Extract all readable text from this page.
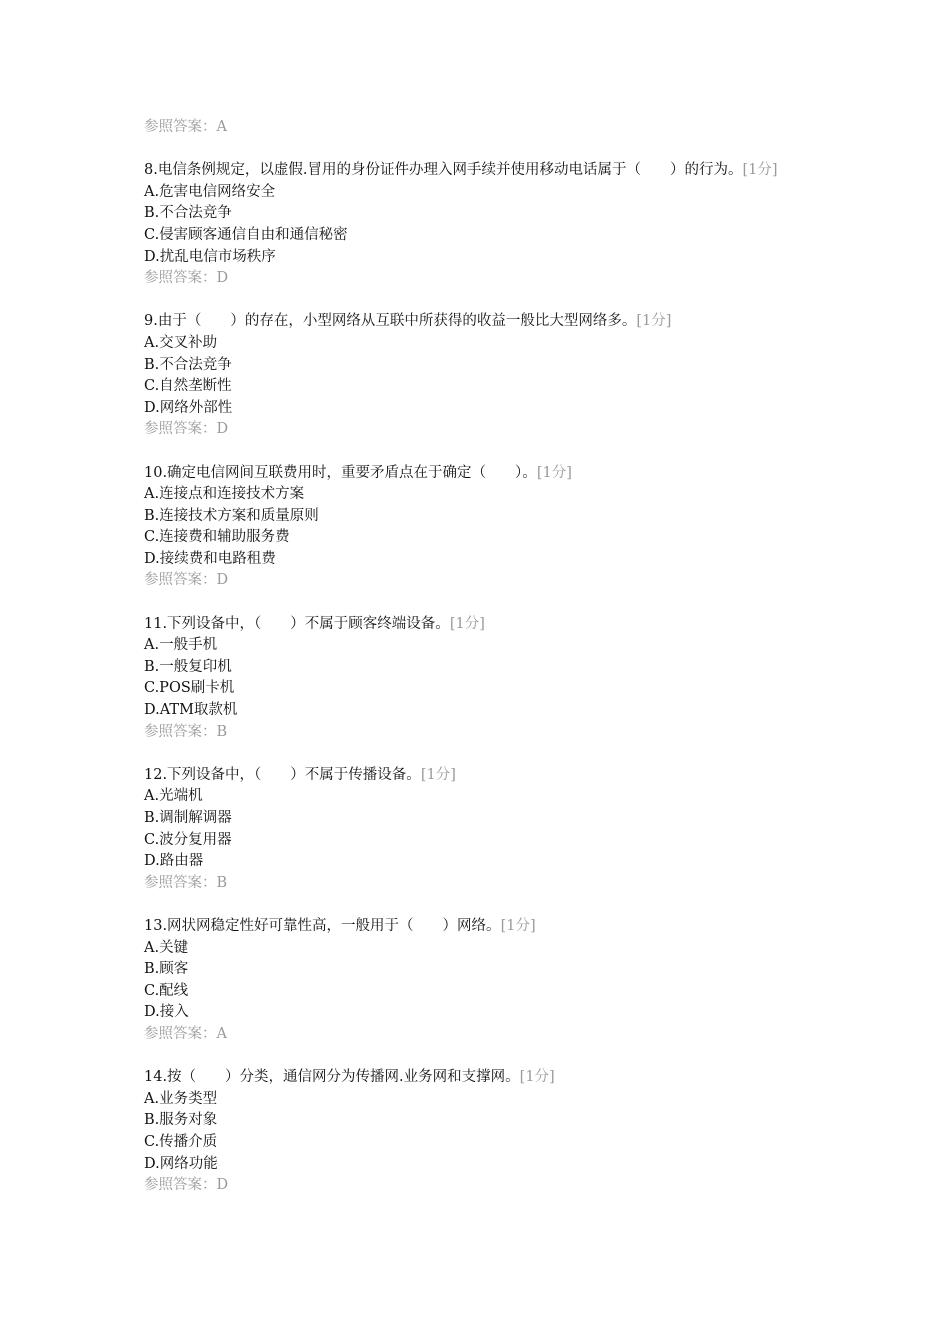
参照答案：A
8.电信条例规定，以虚假.冒用的身份证件办理入网手续并使用移动电话属于（　　）的行为。[1分]
A.危害电信网络安全
B.不合法竞争
C.侵害顾客通信自由和通信秘密
D.扰乱电信市场秩序
参照答案：D
9.由于（　　）的存在，小型网络从互联中所获得的收益一般比大型网络多。[1分]
A.交叉补助
B.不合法竞争
C.自然垄断性
D.网络外部性
参照答案：D
10.确定电信网间互联费用时，重要矛盾点在于确定（　　）。[1分]
A.连接点和连接技术方案
B.连接技术方案和质量原则
C.连接费和辅助服务费
D.接续费和电路租费
参照答案：D
11.下列设备中，（　　）不属于顾客终端设备。[1分]
A.一般手机
B.一般复印机
C.POS刷卡机
D.ATM取款机
参照答案：B
12.下列设备中，（　　）不属于传播设备。[1分]
A.光端机
B.调制解调器
C.波分复用器
D.路由器
参照答案：B
13.网状网稳定性好可靠性高，一般用于（　　）网络。[1分]
A.关键
B.顾客
C.配线
D.接入
参照答案：A
14.按（　　）分类，通信网分为传播网.业务网和支撑网。[1分]
A.业务类型
B.服务对象
C.传播介质
D.网络功能
参照答案：D
